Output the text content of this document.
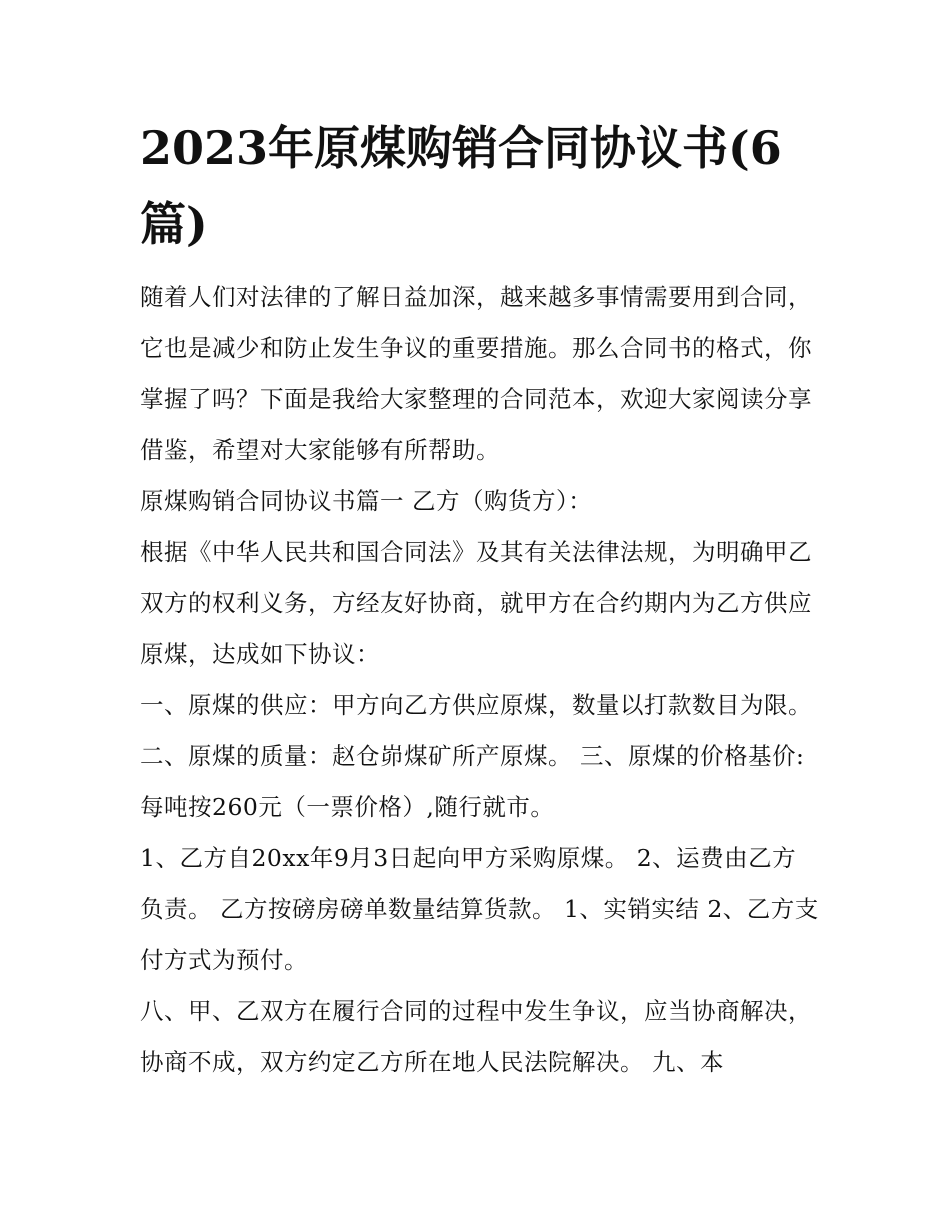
2023年原煤购销合同协议书(6篇)

随着人们对法律的了解日益加深，越来越多事情需要用到合同，它也是减少和防止发生争议的重要措施。那么合同书的格式，你掌握了吗？下面是我给大家整理的合同范本，欢迎大家阅读分享借鉴，希望对大家能够有所帮助。

原煤购销合同协议书篇一 乙方（购货方）：

根据《中华人民共和国合同法》及其有关法律法规，为明确甲乙双方的权利义务，方经友好协商，就甲方在合约期内为乙方供应原煤，达成如下协议：

一、原煤的供应：甲方向乙方供应原煤，数量以打款数目为限。 二、原煤的质量：赵仓峁煤矿所产原煤。 三、原煤的价格基价:每吨按260元（一票价格）,随行就市。

1、乙方自20xx年9月3日起向甲方采购原煤。 2、运费由乙方负责。 乙方按磅房磅单数量结算货款。 1、实销实结 2、乙方支付方式为预付。

八、甲、乙双方在履行合同的过程中发生争议，应当协商解决，协商不成，双方约定乙方所在地人民法院解决。 九、本
